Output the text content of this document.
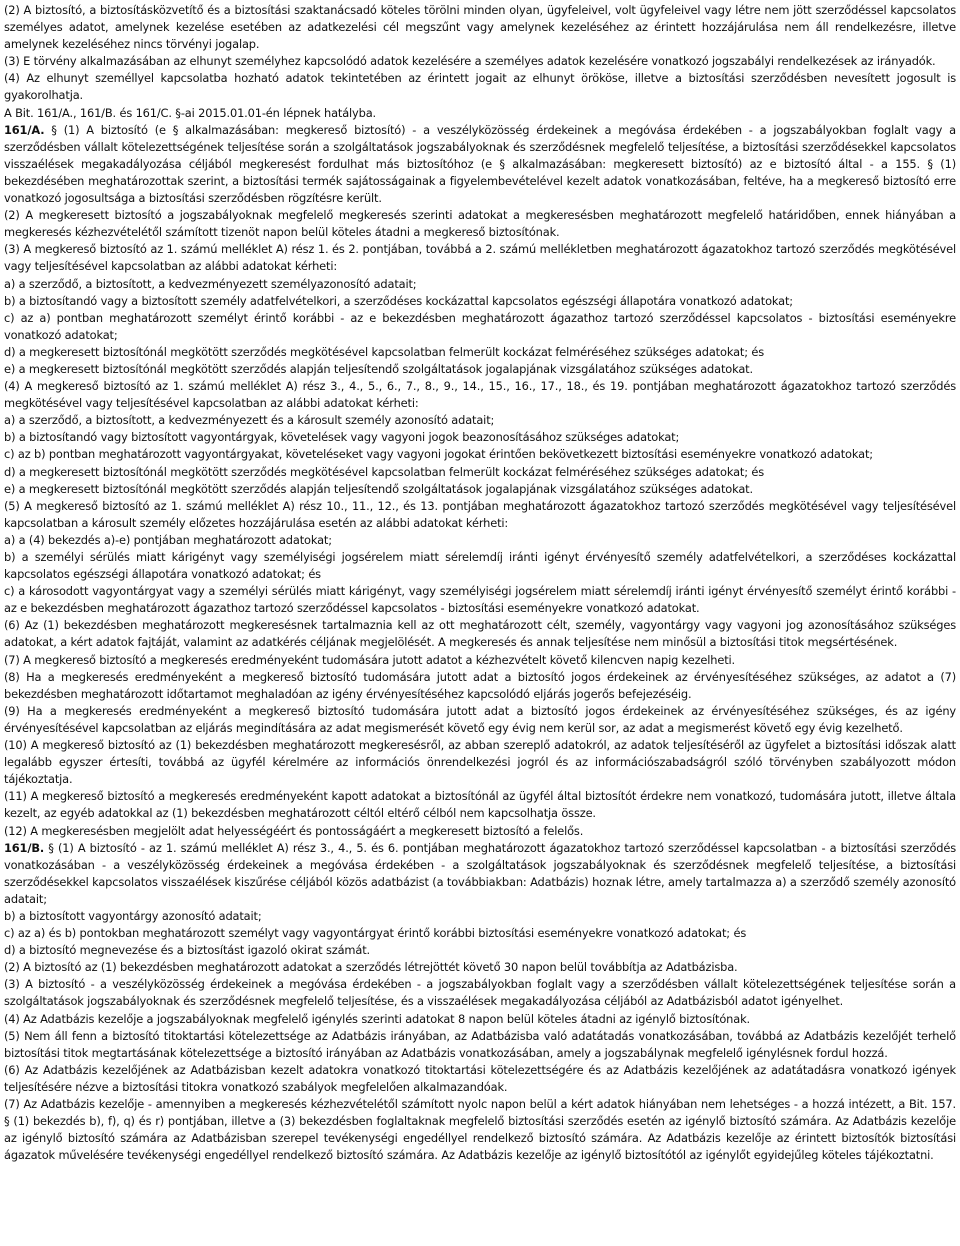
(2) A biztosító, a biztosításközvetítő és a biztosítási szaktanácsadó köteles törölni minden olyan, ügyfeleivel, volt ügyfeleivel vagy létre nem jött szerződéssel kapcsolatos személyes adatot, amelynek kezelése esetében az adatkezelési cél megszűnt vagy amelynek kezeléséhez az érintett hozzájárulása nem áll rendelkezésre, illetve amelynek kezeléséhez nincs törvényi jogalap.

(3) E törvény alkalmazásában az elhunyt személyhez kapcsolódó adatok kezelésére a személyes adatok kezelésére vonatkozó jogszabályi rendelkezések az irányadók.

(4) Az elhunyt személlyel kapcsolatba hozható adatok tekintetében az érintett jogait az elhunyt örököse, illetve a biztosítási szerződésben nevesített jogosult is gyakorolhatja.

A Bit. 161/A., 161/B. és 161/C. §-ai 2015.01.01-én lépnek hatályba.

161/A. § (1) A biztosító (e § alkalmazásában: megkereső biztosító) - a veszélyközösség érdekeinek a megóvása érdekében - a jogszabályokban foglalt vagy a szerződésben vállalt kötelezettségének teljesítése során a szolgáltatások jogszabályoknak és szerződésnek megfelelő teljesítése, a biztosítási szerződésekkel kapcsolatos visszaélések megakadályozása céljából megkeresést fordulhat más biztosítóhoz (e § alkalmazásában: megkeresett biztosító) az e biztosító által - a 155. § (1) bekezdésében meghatározottak szerint, a biztosítási termék sajátosságainak a figyelembevételével kezelt adatok vonatkozásában, feltéve, ha a megkereső biztosító erre vonatkozó jogosultsága a biztosítási szerződésben rögzítésre került.

(2) A megkeresett biztosító a jogszabályoknak megfelelő megkeresés szerinti adatokat a megkeresésben meghatározott megfelelő határidőben, ennek hiányában a megkeresés kézhezvételétől számított tizenöt napon belül köteles átadni a megkereső biztosítónak.

(3) A megkereső biztosító az 1. számú melléklet A) rész 1. és 2. pontjában, továbbá a 2. számú mellékletben meghatározott ágazatokhoz tartozó szerződés megkötésével vagy teljesítésével kapcsolatban az alábbi adatokat kérheti:

a) a szerződő, a biztosított, a kedvezményezett személyazonosító adatait;

b) a biztosítandó vagy a biztosított személy adatfelvételkori, a szerződéses kockázattal kapcsolatos egészségi állapotára vonatkozó adatokat;

c) az a) pontban meghatározott személyt érintő korábbi - az e bekezdésben meghatározott ágazathoz tartozó szerződéssel kapcsolatos - biztosítási eseményekre vonatkozó adatokat;

d) a megkeresett biztosítónál megkötött szerződés megkötésével kapcsolatban felmerült kockázat felméréséhez szükséges adatokat; és

e) a megkeresett biztosítónál megkötött szerződés alapján teljesítendő szolgáltatások jogalapjának vizsgálatához szükséges adatokat.

(4) A megkereső biztosító az 1. számú melléklet A) rész 3., 4., 5., 6., 7., 8., 9., 14., 15., 16., 17., 18., és 19. pontjában meghatározott ágazatokhoz tartozó szerződés megkötésével vagy teljesítésével kapcsolatban az alábbi adatokat kérheti:

a) a szerződő, a biztosított, a kedvezményezett és a károsult személy azonosító adatait;

b) a biztosítandó vagy biztosított vagyontárgyak, követelések vagy vagyoni jogok beazonosításához szükséges adatokat;

c) az b) pontban meghatározott vagyontárgyakat, követeléseket vagy vagyoni jogokat érintően bekövetkezett biztosítási eseményekre vonatkozó adatokat;

d) a megkeresett biztosítónál megkötött szerződés megkötésével kapcsolatban felmerült kockázat felméréséhez szükséges adatokat; és

e) a megkeresett biztosítónál megkötött szerződés alapján teljesítendő szolgáltatások jogalapjának vizsgálatához szükséges adatokat.

(5) A megkereső biztosító az 1. számú melléklet A) rész 10., 11., 12., és 13. pontjában meghatározott ágazatokhoz tartozó szerződés megkötésével vagy teljesítésével kapcsolatban a károsult személy előzetes hozzájárulása esetén az alábbi adatokat kérheti:

a) a (4) bekezdés a)-e) pontjában meghatározott adatokat;

b) a személyi sérülés miatt kárigényt vagy személyiségi jogsérelem miatt sérelemdíj iránti igényt érvényesítő személy adatfelvételkori, a szerződéses kockázattal kapcsolatos egészségi állapotára vonatkozó adatokat; és

c) a károsodott vagyontárgyat vagy a személyi sérülés miatt kárigényt, vagy személyiségi jogsérelem miatt sérelemdíj iránti igényt érvényesítő személyt érintő korábbi - az e bekezdésben meghatározott ágazathoz tartozó szerződéssel kapcsolatos - biztosítási eseményekre vonatkozó adatokat.

(6) Az (1) bekezdésben meghatározott megkeresésnek tartalmaznia kell az ott meghatározott célt, személy, vagyontárgy vagy vagyoni jog azonosításához szükséges adatokat, a kért adatok fajtáját, valamint az adatkérés céljának megjelölését. A megkeresés és annak teljesítése nem minősül a biztosítási titok megsértésének.

(7) A megkereső biztosító a megkeresés eredményeként tudomására jutott adatot a kézhezvételt követő kilencven napig kezelheti.

(8) Ha a megkeresés eredményeként a megkereső biztosító tudomására jutott adat a biztosító jogos érdekeinek az érvényesítéséhez szükséges, az adatot a (7) bekezdésben meghatározott időtartamot meghaladóan az igény érvényesítéséhez kapcsolódó eljárás jogerős befejezéséig.

(9) Ha a megkeresés eredményeként a megkereső biztosító tudomására jutott adat a biztosító jogos érdekeinek az érvényesítéséhez szükséges, és az igény érvényesítésével kapcsolatban az eljárás megindítására az adat megismerését követő egy évig nem kerül sor, az adat a megismerést követő egy évig kezelhető.

(10) A megkereső biztosító az (1) bekezdésben meghatározott megkeresésről, az abban szereplő adatokról, az adatok teljesítéséről az ügyfelet a biztosítási időszak alatt legalább egyszer értesíti, továbbá az ügyfél kérelmére az információs önrendelkezési jogról és az információszabadságról szóló törvényben szabályozott módon tájékoztatja.

(11) A megkereső biztosító a megkeresés eredményeként kapott adatokat a biztosítónál az ügyfél által biztosítót érdekre nem vonatkozó, tudomására jutott, illetve általa kezelt, az egyéb adatokkal az (1) bekezdésben meghatározott céltól eltérő célból nem kapcsolhatja össze.

(12) A megkeresésben megjelölt adat helyességéért és pontosságáért a megkeresett biztosító a felelős.

161/B. § (1) A biztosító - az 1. számú melléklet A) rész 3., 4., 5. és 6. pontjában meghatározott ágazatokhoz tartozó szerződéssel kapcsolatban - a biztosítási szerződés vonatkozásában - a veszélyközösség érdekeinek a megóvása érdekében - a szolgáltatások jogszabályoknak és szerződésnek megfelelő teljesítése, a biztosítási szerződésekkel kapcsolatos visszaélések kiszűrése céljából közös adatbázist (a továbbiakban: Adatbázis) hoznak létre, amely tartalmazza a) a szerződő személy azonosító adatait;

b) a biztosított vagyontárgy azonosító adatait;

c) az a) és b) pontokban meghatározott személyt vagy vagyontárgyat érintő korábbi biztosítási eseményekre vonatkozó adatokat; és

d) a biztosító megnevezése és a biztosítást igazoló okirat számát.

(2) A biztosító az (1) bekezdésben meghatározott adatokat a szerződés létrejöttét követő 30 napon belül továbbítja az Adatbázisba.

(3) A biztosító - a veszélyközösség érdekeinek a megóvása érdekében - a jogszabályokban foglalt vagy a szerződésben vállalt kötelezettségének teljesítése során a szolgáltatások jogszabályoknak és szerződésnek megfelelő teljesítése, és a visszaélések megakadályozása céljából az Adatbázisból adatot igényelhet.

(4) Az Adatbázis kezelője a jogszabályoknak megfelelő igénylés szerinti adatokat 8 napon belül köteles átadni az igénylő biztosítónak.

(5) Nem áll fenn a biztosító titoktartási kötelezettsége az Adatbázis irányában, az Adatbázisba való adatátadás vonatkozásában, továbbá az Adatbázis kezelőjét terhelő biztosítási titok megtartásának kötelezettsége a biztosító irányában az Adatbázis vonatkozásában, amely a jogszabálynak megfelelő igénylésnek fordul hozzá.

(6) Az Adatbázis kezelőjének az Adatbázisban kezelt adatokra vonatkozó titoktartási kötelezettségére és az Adatbázis kezelőjének az adatátadásra vonatkozó igények teljesítésére nézve a biztosítási titokra vonatkozó szabályok megfelelően alkalmazandóak.

(7) Az Adatbázis kezelője - amennyiben a megkeresés kézhezvételétől számított nyolc napon belül a kért adatok hiányában nem lehetséges - a hozzá intézett, a Bit. 157. § (1) bekezdés b), f), q) és r) pontjában, illetve a (3) bekezdésben foglaltaknak megfelelő biztosítási szerződés esetén az igénylő biztosító számára. Az Adatbázis kezelője az igénylő biztosító számára az Adatbázisban szerepel tevékenységi engedéllyel rendelkező biztosító számára. Az Adatbázis kezelője az érintett biztosítók biztosítási ágazatok művelésére tevékenységi engedéllyel rendelkező biztosító számára. Az Adatbázis kezelője az igénylő biztosítótól az igénylőt egyidejűleg köteles tájékoztatni.
